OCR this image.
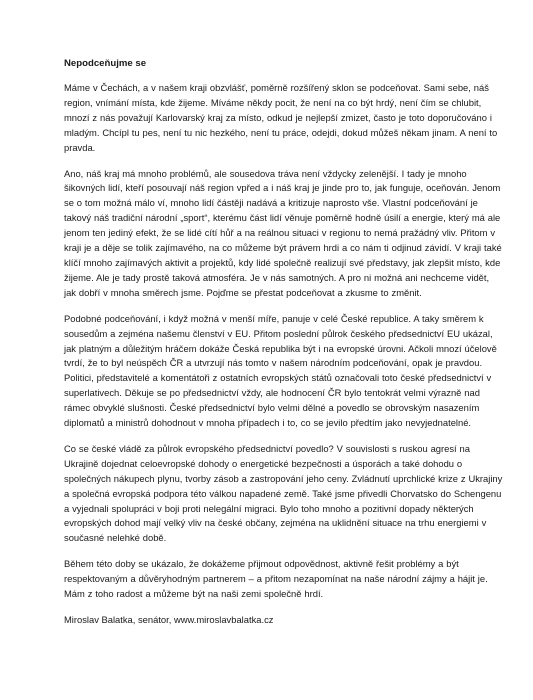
Nepodceňujme se

Máme v Čechách, a v našem kraji obzvlášť, poměrně rozšířený sklon se podceňovat. Sami sebe, náš region, vnímání místa, kde žijeme. Míváme někdy pocit, že není na co být hrdý, není čím se chlubit, mnozí z nás považují Karlovarský kraj za místo, odkud je nejlepší zmizet, často je toto doporučováno i mladým. Chcípl tu pes, není tu nic hezkého, není tu práce, odejdi, dokud můžeš někam jinam. A není to pravda.

Ano, náš kraj má mnoho problémů, ale sousedova tráva není vždycky zelenější. I tady je mnoho šikovných lidí, kteří posouvají náš region vpřed a i náš kraj je jinde pro to, jak funguje, oceňován. Jenom se o tom možná málo ví, mnoho lidí částěji nadává a kritizuje naprosto vše. Vlastní podceňování je takový náš tradiční národní „sport“, kterému část lidí věnuje poměrně hodně úsilí a energie, který má ale jenom ten jediný efekt, že se lidé cítí hůř a na reálnou situaci v regionu to nemá pražádný vliv. Přitom v kraji je a děje se tolik zajímavého, na co můžeme být právem hrdi a co nám ti odjinud závidí. V kraji také klíčí mnoho zajímavých aktivit a projektů, kdy lidé společně realizují své představy, jak zlepšit místo, kde žijeme. Ale je tady prostě taková atmosféra. Je v nás samotných. A pro ni možná ani nechceme vidět, jak dobří v mnoha směrech jsme. Pojďme se přestat podceňovat a zkusme to změnit.

Podobné podceňování, i když možná v menší míře, panuje v celé České republice. A taky směrem k sousedům a zejména našemu členství v EU. Přitom poslední půlrok českého předsednictví EU ukázal, jak platným a důležitým hráčem dokáže Česká republika být i na evropské úrovni. Ačkoli mnozí účelově tvrdí, že to byl neúspěch ČR a utvrzují nás tomto v našem národním podceňování, opak je pravdou. Politici, představitelé a komentátoři z ostatních evropských států označovali toto české předsednictví v superlativech. Děkuje se po předsednictví vždy, ale hodnocení ČR bylo tentokrát velmi výrazně nad rámec obvyklé slušnosti. České předsednictví bylo velmi dělné a povedlo se obrovským nasazením diplomatů a ministrů dohodnout v mnoha případech i to, co se jevilo předtím jako nevyjednatelné.

Co se české vládě za půlrok evropského předsednictví povedlo? V souvislosti s ruskou agresí na Ukrajině dojednat celoevropské dohody o energetické bezpečnosti a úsporách a také dohodu o společných nákupech plynu, tvorby zásob a zastropování jeho ceny. Zvládnutí uprchlické krize z Ukrajiny a společná evropská podpora této válkou napadené země. Také jsme přivedli Chorvatsko do Schengenu a vyjednali spolupráci v boji proti nelegální migraci. Bylo toho mnoho a pozitivní dopady některých evropských dohod mají velký vliv na české občany, zejména na uklidnění situace na trhu energiemi v současné nelehké době.

Během této doby se ukázalo, že dokážeme přijmout odpovědnost, aktivně řešit problémy a být respektovaným a důvěryhodným partnerem – a přitom nezapomínat na naše národní zájmy a hájit je. Mám z toho radost a můžeme být na naši zemi společně hrdí.

Miroslav Balatka, senátor, www.miroslavbalatka.cz
